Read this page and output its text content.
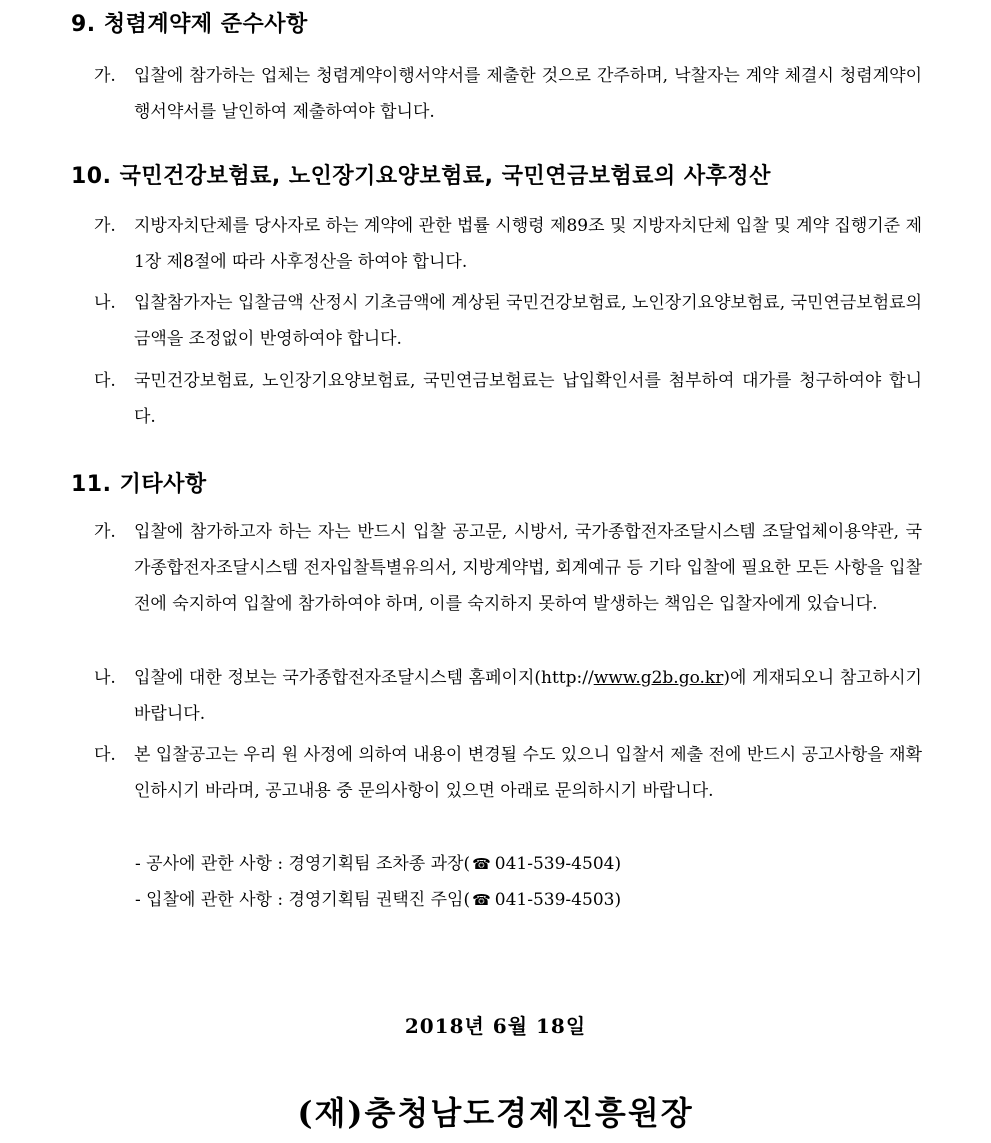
9. 청렴계약제 준수사항
가. 입찰에 참가하는 업체는 청렴계약이행서약서를 제출한 것으로 간주하며, 낙찰자는 계약 체결시 청렴계약이행서약서를 날인하여 제출하여야 합니다.
10. 국민건강보험료, 노인장기요양보험료, 국민연금보험료의 사후정산
가. 지방자치단체를 당사자로 하는 계약에 관한 법률 시행령 제89조 및 지방자치단체 입찰 및 계약 집행기준 제1장 제8절에 따라 사후정산을 하여야 합니다.
나. 입찰참가자는 입찰금액 산정시 기초금액에 계상된 국민건강보험료, 노인장기요양보험료, 국민연금보험료의 금액을 조정없이 반영하여야 합니다.
다. 국민건강보험료, 노인장기요양보험료, 국민연금보험료는 납입확인서를 첨부하여 대가를 청구하여야 합니다.
11. 기타사항
가. 입찰에 참가하고자 하는 자는 반드시 입찰 공고문, 시방서, 국가종합전자조달시스템 조달업체이용약관, 국가종합전자조달시스템 전자입찰특별유의서, 지방계약법, 회계예규 등 기타 입찰에 필요한 모든 사항을 입찰 전에 숙지하여 입찰에 참가하여야 하며, 이를 숙지하지 못하여 발생하는 책임은 입찰자에게 있습니다.
나. 입찰에 대한 정보는 국가종합전자조달시스템 홈페이지(http://www.g2b.go.kr)에 게재되오니 참고하시기 바랍니다.
다. 본 입찰공고는 우리 원 사정에 의하여 내용이 변경될 수도 있으니 입찰서 제출 전에 반드시 공고사항을 재확인하시기 바라며, 공고내용 중 문의사항이 있으면 아래로 문의하시기 바랍니다.
- 공사에 관한 사항 : 경영기획팀 조차종 과장( ☎ 041-539-4504)
- 입찰에 관한 사항 : 경영기획팀 권택진 주임( ☎ 041-539-4503)
2018년 6월 18일
(재)충청남도경제진흥원장
